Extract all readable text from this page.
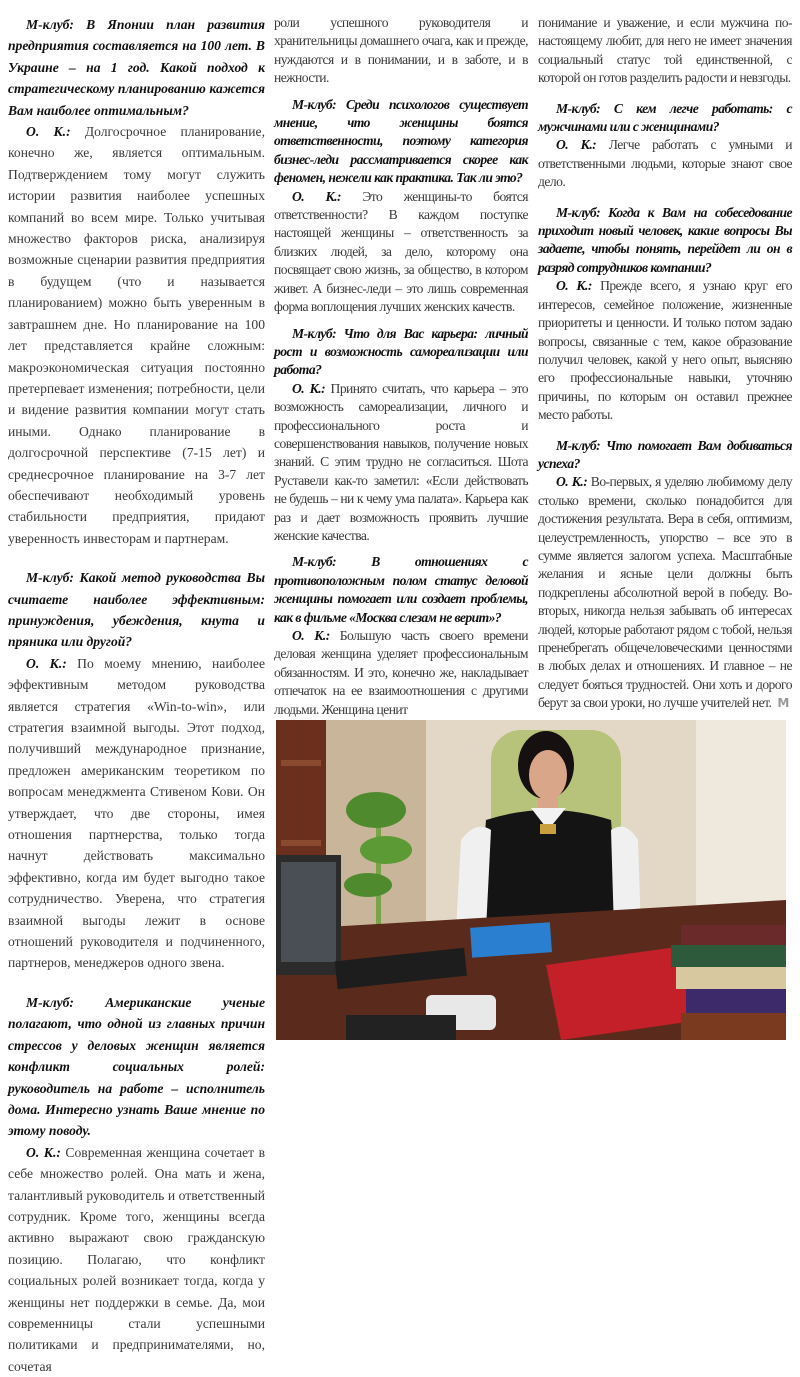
М-клуб: В Японии план развития предприятия составляется на 100 лет. В Украине – на 1 год. Какой подход к стратегическому планированию кажется Вам наиболее оптимальным?

О. К.: Долгосрочное планирование, конечно же, является оптимальным. Подтверждением тому могут служить истории развития наиболее успешных компаний во всем мире. Только учитывая множество факторов риска, анализируя возможные сценарии развития предприятия в будущем (что и называется планированием) можно быть уверенным в завтрашнем дне. Но планирование на 100 лет представляется крайне сложным: макроэкономическая ситуация постоянно претерпевает изменения; потребности, цели и видение развития компании могут стать иными. Однако планирование в долгосрочной перспективе (7-15 лет) и среднесрочное планирование на 3-7 лет обеспечивают необходимый уровень стабильности предприятия, придают уверенность инвесторам и партнерам.

М-клуб: Какой метод руководства Вы считаете наиболее эффективным: принуждения, убеждения, кнута и пряника или другой?

О. К.: По моему мнению, наиболее эффективным методом руководства является стратегия «Win-to-win», или стратегия взаимной выгоды. Этот подход, получивший международное признание, предложен американским теоретиком по вопросам менеджмента Стивеном Кови. Он утверждает, что две стороны, имея отношения партнерства, только тогда начнут действовать максимально эффективно, когда им будет выгодно такое сотрудничество. Уверена, что стратегия взаимной выгоды лежит в основе отношений руководителя и подчиненного, партнеров, менеджеров одного звена.

М-клуб: Американские ученые полагают, что одной из главных причин стрессов у деловых женщин является конфликт социальных ролей: руководитель на работе – исполнитель дома. Интересно узнать Ваше мнение по этому поводу.

О. К.: Современная женщина сочетает в себе множество ролей. Она мать и жена, талантливый руководитель и ответственный сотрудник. Кроме того, женщины всегда активно выражают свою гражданскую позицию. Полагаю, что конфликт социальных ролей возникает тогда, когда у женщины нет поддержки в семье. Да, мои современницы стали успешными политиками и предпринимателями, но, сочетая

роли успешного руководителя и хранительницы домашнего очага, как и прежде, нуждаются и в понимании, и в заботе, и в нежности.

М-клуб: Среди психологов существует мнение, что женщины боятся ответственности, поэтому категория бизнес-леди рассматривается скорее как феномен, нежели как практика. Так ли это?

О. К.: Это женщины-то боятся ответственности? В каждом поступке настоящей женщины – ответственность за близких людей, за дело, которому она посвящает свою жизнь, за общество, в котором живет. А бизнес-леди – это лишь современная форма воплощения лучших женских качеств.

М-клуб: Что для Вас карьера: личный рост и возможность самореализации или работа?

О. К.: Принято считать, что карьера – это возможность самореализации, личного и профессионального роста и совершенствования навыков, получение новых знаний. С этим трудно не согласиться. Шота Руставели как-то заметил: «Если действовать не будешь – ни к чему ума палата». Карьера как раз и дает возможность проявить лучшие женские качества.

М-клуб: В отношениях с противоположным полом статус деловой женщины помогает или создает проблемы, как в фильме «Москва слезам не верит»?

О. К.: Большую часть своего времени деловая женщина уделяет профессиональным обязанностям. И это, конечно же, накладывает отпечаток на ее взаимоотношения с другими людьми. Женщина ценит

понимание и уважение, и если мужчина по-настоящему любит, для него не имеет значения социальный статус той единственной, с которой он готов разделить радости и невзгоды.

М-клуб: С кем легче работать: с мужчинами или с женщинами?

О. К.: Легче работать с умными и ответственными людьми, которые знают свое дело.

М-клуб: Когда к Вам на собеседование приходит новый человек, какие вопросы Вы задаете, чтобы понять, перейдет ли он в разряд сотрудников компании?

О. К.: Прежде всего, я узнаю круг его интересов, семейное положение, жизненные приоритеты и ценности. И только потом задаю вопросы, связанные с тем, какое образование получил человек, какой у него опыт, выясняю его профессиональные навыки, уточняю причины, по которым он оставил прежнее место работы.

М-клуб: Что помогает Вам добиваться успеха?

О. К.: Во-первых, я уделяю любимому делу столько времени, сколько понадобится для достижения результата. Вера в себя, оптимизм, целеустремленность, упорство – все это в сумме является залогом успеха. Масштабные желания и ясные цели должны быть подкреплены абсолютной верой в победу. Во-вторых, никогда нельзя забывать об интересах людей, которые работают рядом с тобой, нельзя пренебрегать общечеловеческими ценностями в любых делах и отношениях. И главное – не следует бояться трудностей. Они хоть и дорого берут за свои уроки, но лучше учителей нет. M
